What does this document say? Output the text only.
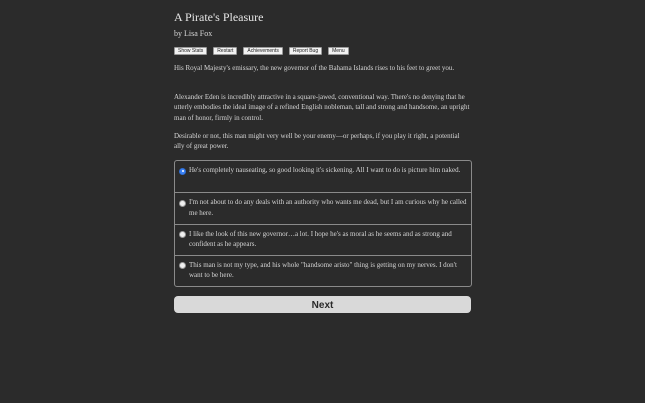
A Pirate's Pleasure
by Lisa Fox
Show Stats	Restart	Achievements	Report Bug	Menu

His Royal Majesty's emissary, the new governor of the Bahama Islands rises to his feet to greet you.

Alexander Eden is incredibly attractive in a square-jawed, conventional way. There's no denying that he utterly embodies the ideal image of a refined English nobleman, tall and strong and handsome, an upright man of honor, firmly in control.

Desirable or not, this man might very well be your enemy—or perhaps, if you play it right, a potential ally of great power.

He's completely nauseating, so good looking it's sickening. All I want to do is picture him naked.
I'm not about to do any deals with an authority who wants me dead, but I am curious why he called me here.
I like the look of this new governor…a lot. I hope he's as moral as he seems and as strong and confident as he appears.
This man is not my type, and his whole "handsome aristo" thing is getting on my nerves. I don't want to be here.
Next
